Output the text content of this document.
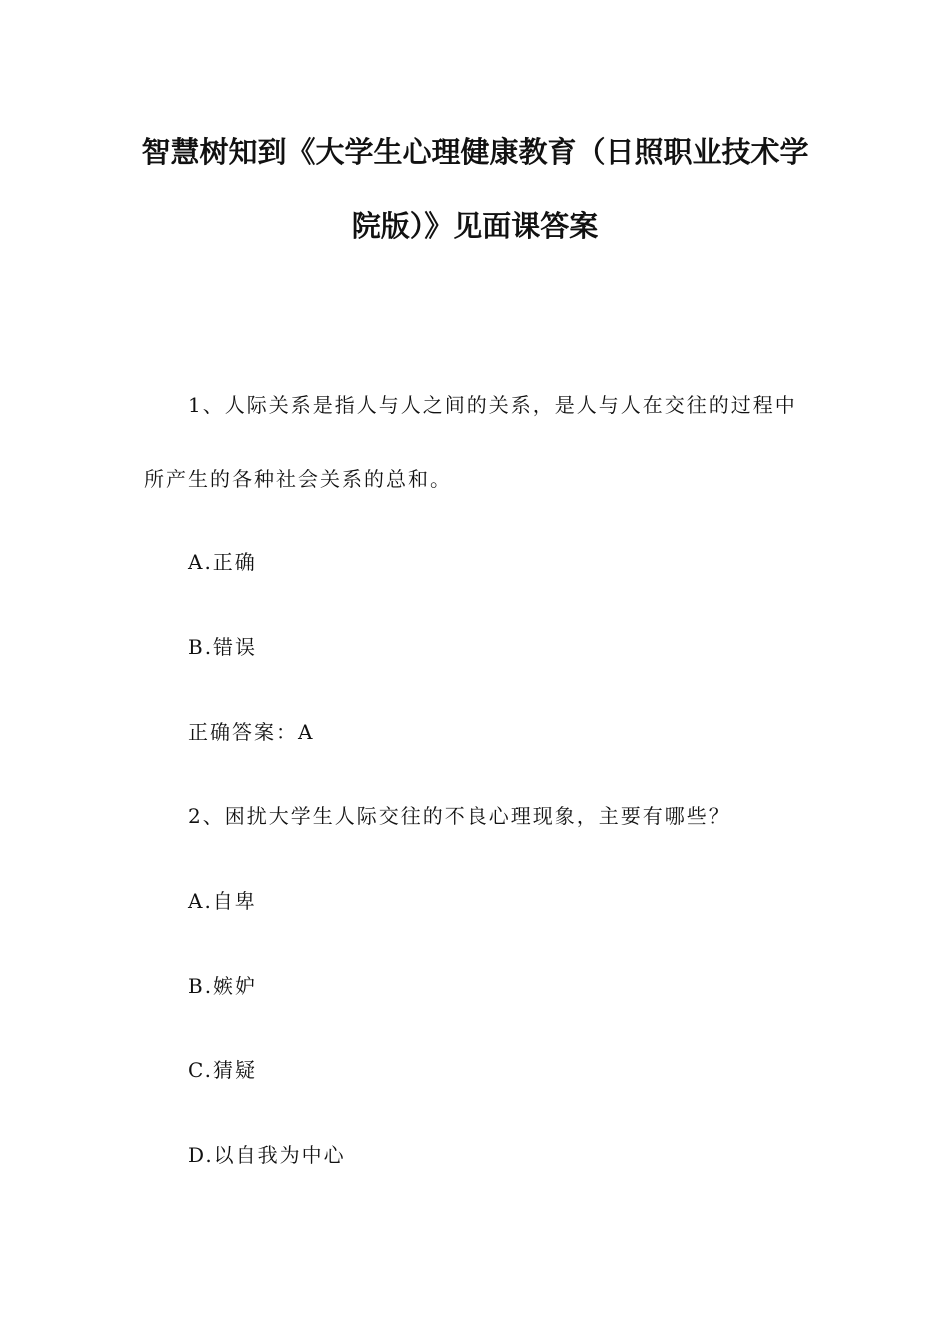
智慧树知到《大学生心理健康教育（日照职业技术学
院版）》见面课答案
1、人际关系是指人与人之间的关系，是人与人在交往的过程中
所产生的各种社会关系的总和。
A.正确
B.错误
正确答案：A
2、困扰大学生人际交往的不良心理现象，主要有哪些？
A.自卑
B.嫉妒
C.猜疑
D.以自我为中心
